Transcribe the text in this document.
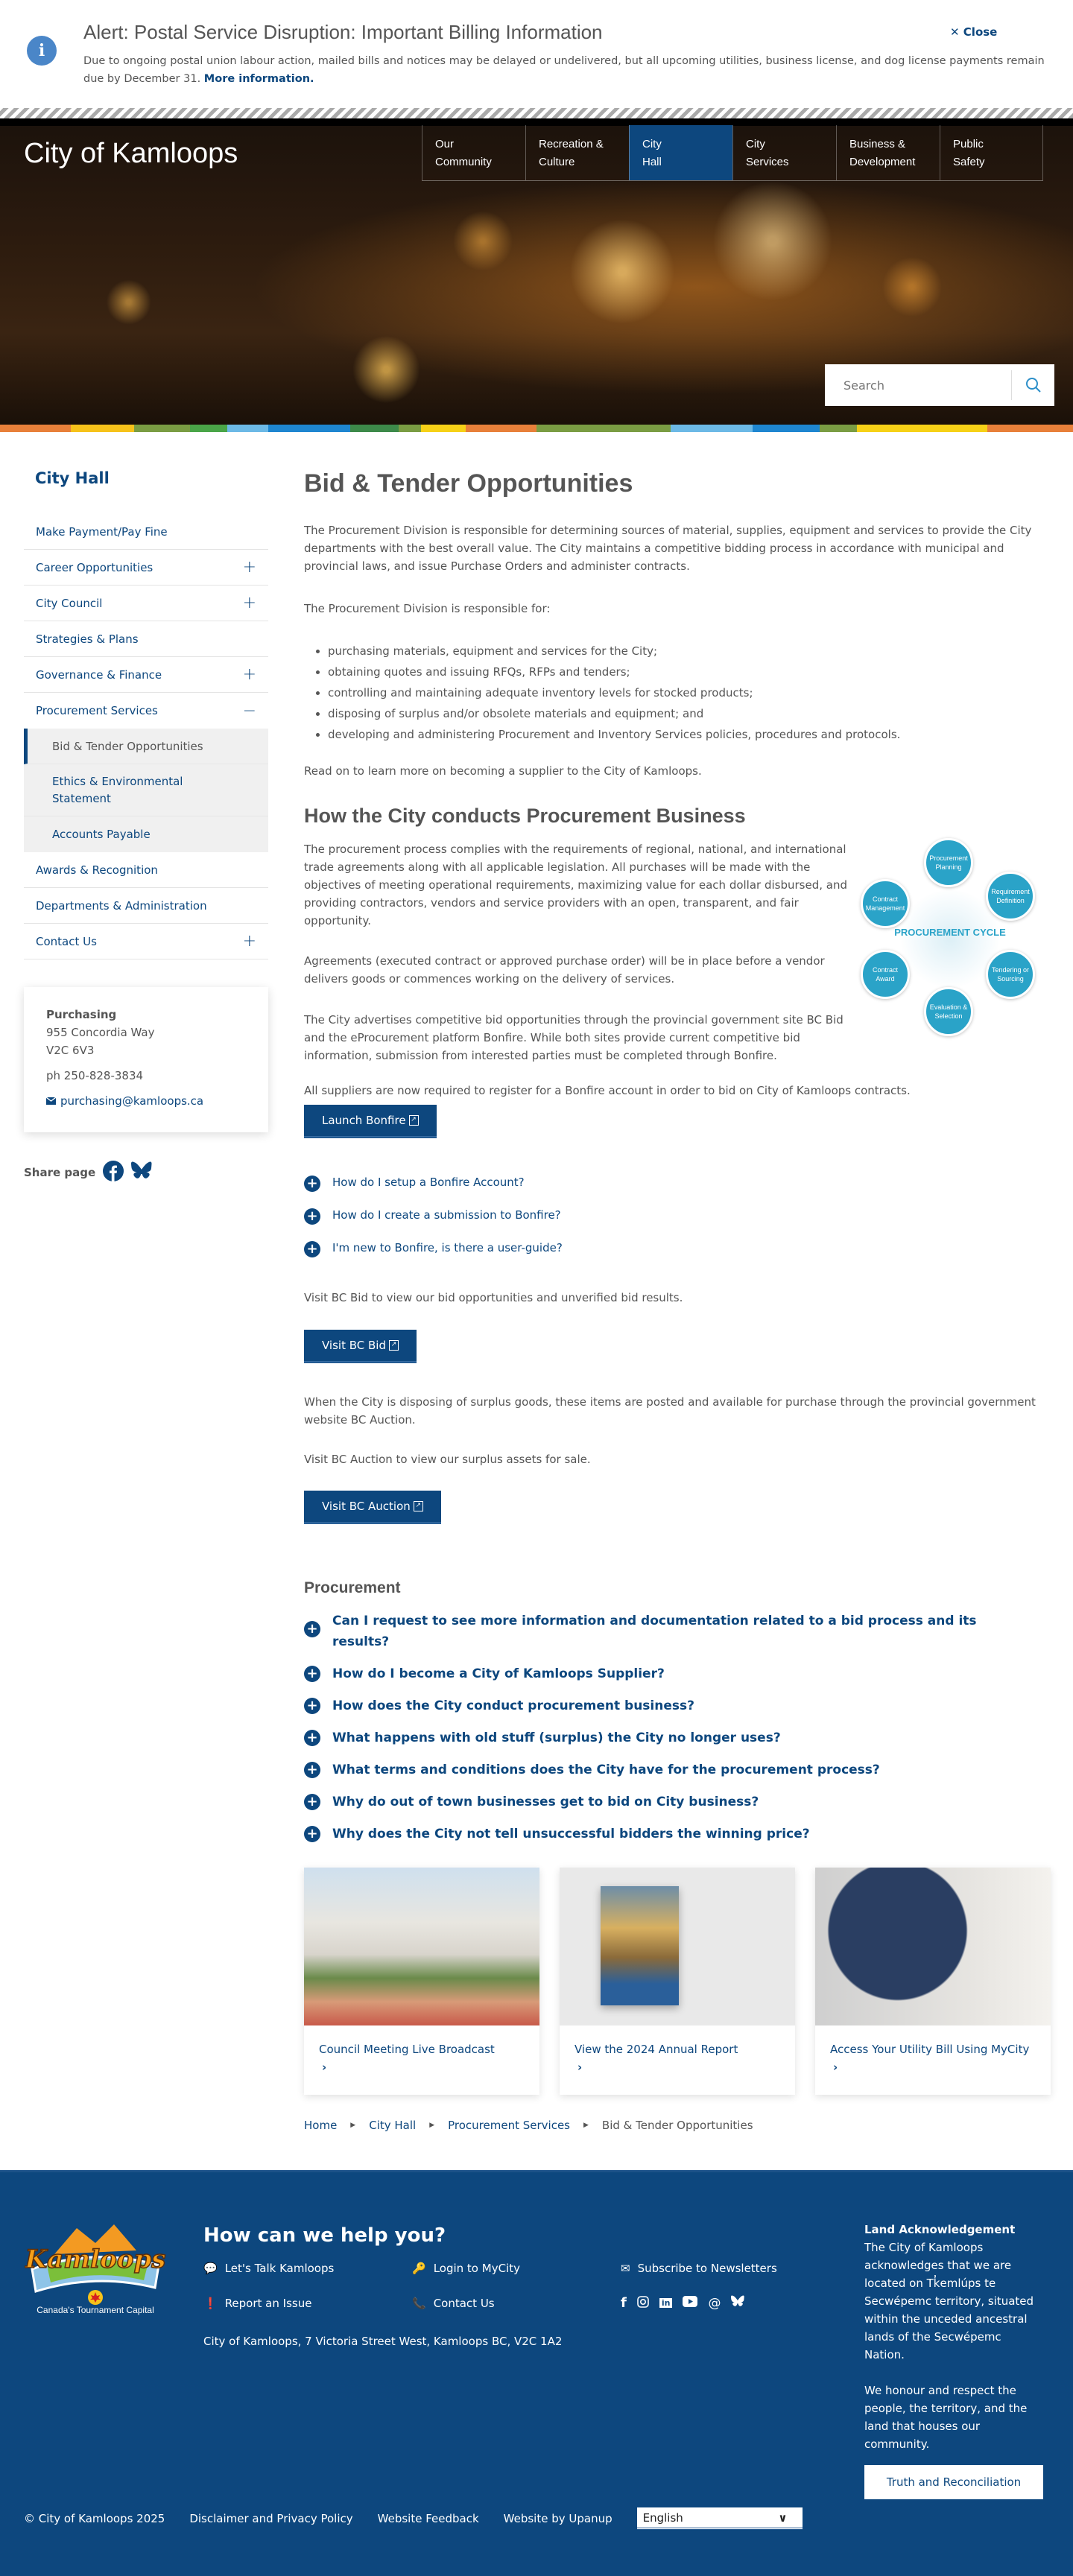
i
Alert: Postal Service Disruption: Important Billing Information	✕ Close
Due to ongoing postal union labour action, mailed bills and notices may be delayed or undelivered, but all upcoming utilities, business license, and dog license payments remain due by December 31. More information.
City of Kamloops	Our
Community
Recreation &
Culture
City
Hall
City
Services
Business &
Development
Public
Safety
Search
City Hall
Make Payment/Pay Fine
Career Opportunities	+
City Council	+
Strategies & Plans
Governance & Finance	+
Procurement Services	−
Bid & Tender Opportunities
Ethics & Environmental Statement
Accounts Payable
Awards & Recognition
Departments & Administration
Contact Us	+
Purchasing
955 Concordia Way
V2C 6V3
ph 250-828-3834
purchasing@kamloops.ca
Share page
Bid & Tender Opportunities

The Procurement Division is responsible for determining sources of material, supplies, equipment and services to provide the City departments with the best overall value. The City maintains a competitive bidding process in accordance with municipal and provincial laws, and issue Purchase Orders and administer contracts.

The Procurement Division is responsible for:

• purchasing materials, equipment and services for the City;
• obtaining quotes and issuing RFQs, RFPs and tenders;
• controlling and maintaining adequate inventory levels for stocked products;
• disposing of surplus and/or obsolete materials and equipment; and
• developing and administering Procurement and Inventory Services policies, procedures and protocols.

Read on to learn more on becoming a supplier to the City of Kamloops.

How the City conducts Procurement Business

The procurement process complies with the requirements of regional, national, and international trade agreements along with all applicable legislation. All purchases will be made with the objectives of meeting operational requirements, maximizing value for each dollar disbursed, and providing contractors, vendors and service providers with an open, transparent, and fair opportunity.

Agreements (executed contract or approved purchase order) will be in place before a vendor delivers goods or commences working on the delivery of services.

The City advertises competitive bid opportunities through the provincial government site BC Bid and the eProcurement platform Bonfire. While both sites provide current competitive bid information, submission from interested parties must be completed through Bonfire.

All suppliers are now required to register for a Bonfire account in order to bid on City of Kamloops contracts.

PROCUREMENT CYCLE
Procurement Planning
Requirement Definition
Tendering or Sourcing
Evaluation & Selection
Contract Award
Contract Management
Launch Bonfire ↗
+ How do I setup a Bonfire Account?
+ How do I create a submission to Bonfire?
+ I'm new to Bonfire, is there a user-guide?

Visit BC Bid to view our bid opportunities and unverified bid results.

Visit BC Bid ↗

When the City is disposing of surplus goods, these items are posted and available for purchase through the provincial government website BC Auction.

Visit BC Auction to view our surplus assets for sale.

Visit BC Auction ↗
Procurement
+ Can I request to see more information and documentation related to a bid process and its results?
+ How do I become a City of Kamloops Supplier?
+ How does the City conduct procurement business?
+ What happens with old stuff (surplus) the City no longer uses?
+ What terms and conditions does the City have for the procurement process?
+ Why do out of town businesses get to bid on City business?
+ Why does the City not tell unsuccessful bidders the winning price?
Council Meeting Live Broadcast
›
View the 2024 Annual Report
›
Access Your Utility Bill Using MyCity ›
Home ▶ City Hall ▶ Procurement Services ▶ Bid & Tender Opportunities
Kamloops
Canada's Tournament Capital
How can we help you?
💬 Let's Talk Kamloops	🔑 Login to MyCity	✉ Subscribe to Newsletters
❗ Report an Issue	📞 Contact Us	f	in	@
City of Kamloops, 7 Victoria Street West, Kamloops BC, V2C 1A2
Land Acknowledgement
The City of Kamloops acknowledges that we are located on Tk̓emlúps te Secwépemc territory, situated within the unceded ancestral lands of the Secwépemc Nation.
We honour and respect the people, the territory, and the land that houses our community.
Truth and Reconciliation
© City of Kamloops 2025 Disclaimer and Privacy Policy Website Feedback Website by Upanup	English	∨
